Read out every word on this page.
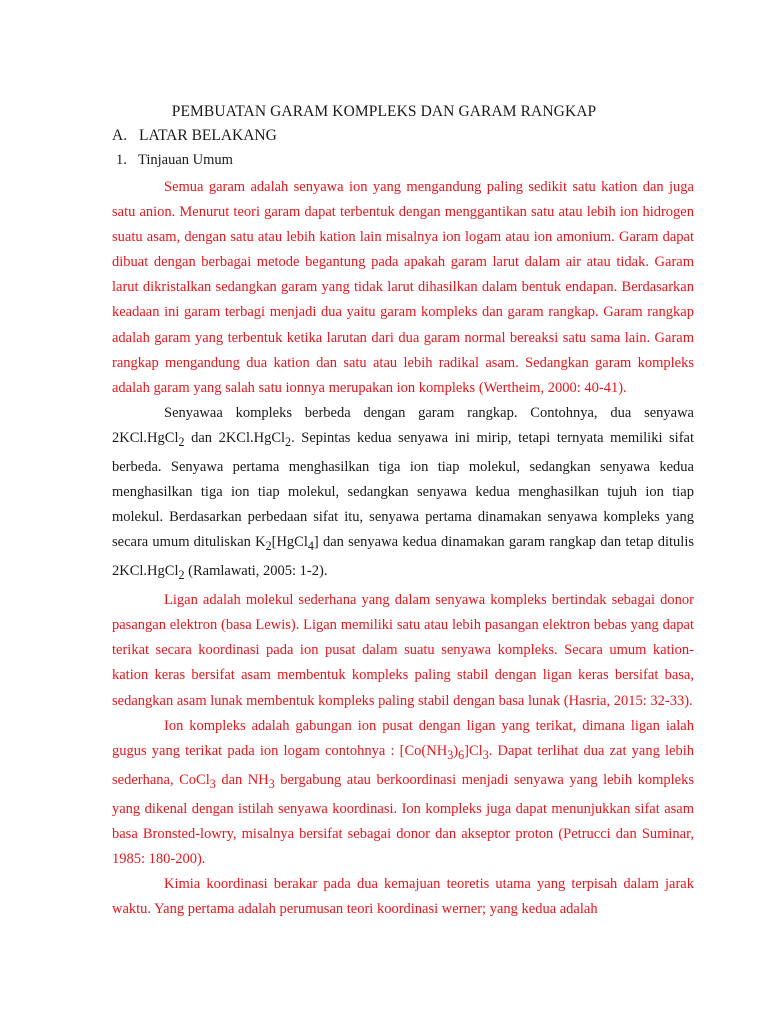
PEMBUATAN GARAM KOMPLEKS DAN GARAM RANGKAP
A. LATAR BELAKANG
1. Tinjauan Umum

Semua garam adalah senyawa ion yang mengandung paling sedikit satu kation dan juga satu anion. Menurut teori garam dapat terbentuk dengan menggantikan satu atau lebih ion hidrogen suatu asam, dengan satu atau lebih kation lain misalnya ion logam atau ion amonium. Garam dapat dibuat dengan berbagai metode begantung pada apakah garam larut dalam air atau tidak. Garam larut dikristalkan sedangkan garam yang tidak larut dihasilkan dalam bentuk endapan. Berdasarkan keadaan ini garam terbagi menjadi dua yaitu garam kompleks dan garam rangkap. Garam rangkap adalah garam yang terbentuk ketika larutan dari dua garam normal bereaksi satu sama lain. Garam rangkap mengandung dua kation dan satu atau lebih radikal asam. Sedangkan garam kompleks adalah garam yang salah satu ionnya merupakan ion kompleks (Wertheim, 2000: 40-41).

Senyawaa kompleks berbeda dengan garam rangkap. Contohnya, dua senyawa 2KCl.HgCl$_2$ dan 2KCl.HgCl$_2$. Sepintas kedua senyawa ini mirip, tetapi ternyata memiliki sifat berbeda. Senyawa pertama menghasilkan tiga ion tiap molekul, sedangkan senyawa kedua menghasilkan tiga ion tiap molekul, sedangkan senyawa kedua menghasilkan tujuh ion tiap molekul. Berdasarkan perbedaan sifat itu, senyawa pertama dinamakan senyawa kompleks yang secara umum dituliskan $K_2[HgCl_4]$ dan senyawa kedua dinamakan garam rangkap dan tetap ditulis 2KCl.HgCl$_2$ (Ramlawati, 2005: 1-2).

Ligan adalah molekul sederhana yang dalam senyawa kompleks bertindak sebagai donor pasangan elektron (basa Lewis). Ligan memiliki satu atau lebih pasangan elektron bebas yang dapat terikat secara koordinasi pada ion pusat dalam suatu senyawa kompleks. Secara umum kation-kation keras bersifat asam membentuk kompleks paling stabil dengan ligan keras bersifat basa, sedangkan asam lunak membentuk kompleks paling stabil dengan basa lunak (Hasria, 2015: 32-33).

Ion kompleks adalah gabungan ion pusat dengan ligan yang terikat, dimana ligan ialah gugus yang terikat pada ion logam contohnya : $[Co(NH_3)_6]Cl_3$. Dapat terlihat dua zat yang lebih sederhana, CoCl$_3$ dan $NH_3$ bergabung atau berkoordinasi menjadi senyawa yang lebih kompleks yang dikenal dengan istilah senyawa koordinasi. Ion kompleks juga dapat menunjukkan sifat asam basa Bronsted-lowry, misalnya bersifat sebagai donor dan akseptor proton (Petrucci dan Suminar, 1985: 180-200).

Kimia koordinasi berakar pada dua kemajuan teoretis utama yang terpisah dalam jarak waktu. Yang pertama adalah perumusan teori koordinasi werner; yang kedua adalah
